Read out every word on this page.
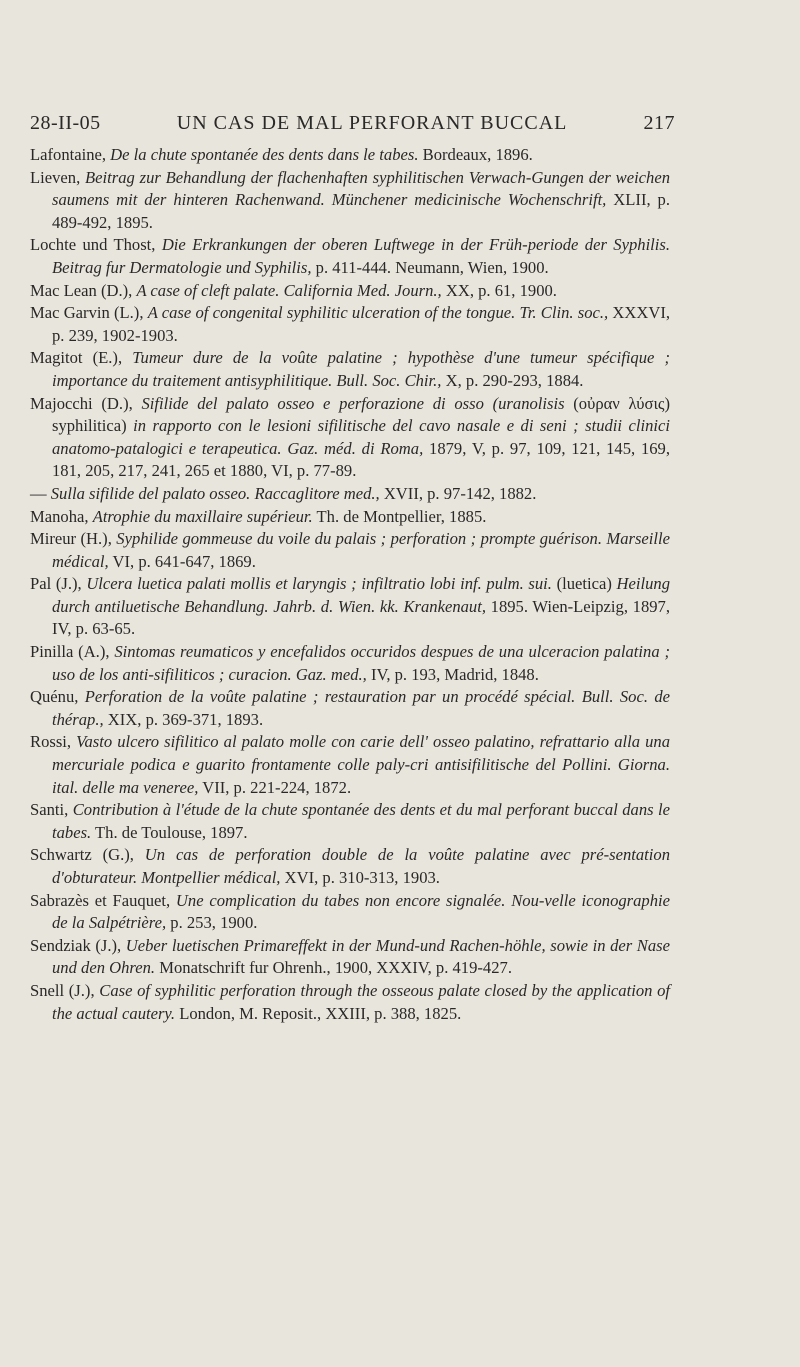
28-II-05	UN CAS DE MAL PERFORANT BUCCAL	217

Lafontaine, De la chute spontanée des dents dans le tabes. Bordeaux, 1896.

Lieven, Beitrag zur Behandlung der flachenhaften syphilitischen Verwach-Gungen der weichen saumens mit der hinteren Rachenwand. Münchener medicinische Wochenschrift, XLII, p. 489-492, 1895.

Lochte und Thost, Die Erkrankungen der oberen Luftwege in der Früh-periode der Syphilis. Beitrag fur Dermatologie und Syphilis, p. 411-444. Neumann, Wien, 1900.

Mac Lean (D.), A case of cleft palate. California Med. Journ., XX, p. 61, 1900.

Mac Garvin (L.), A case of congenital syphilitic ulceration of the tongue. Tr. Clin. soc., XXXVI, p. 239, 1902-1903.

Magitot (E.), Tumeur dure de la voûte palatine ; hypothèse d'une tumeur spécifique ; importance du traitement antisyphilitique. Bull. Soc. Chir., X, p. 290-293, 1884.

Majocchi (D.), Sifilide del palato osseo e perforazione di osso (uranolisis (οὐραν λύσις) syphilitica) in rapporto con le lesioni sifilitische del cavo nasale e di seni ; studii clinici anatomo-patalogici e terapeutica. Gaz. méd. di Roma, 1879, V, p. 97, 109, 121, 145, 169, 181, 205, 217, 241, 265 et 1880, VI, p. 77-89.

— Sulla sifilide del palato osseo. Raccaglitore med., XVII, p. 97-142, 1882.

Manoha, Atrophie du maxillaire supérieur. Th. de Montpellier, 1885.

Mireur (H.), Syphilide gommeuse du voile du palais ; perforation ; prompte guérison. Marseille médical, VI, p. 641-647, 1869.

Pal (J.), Ulcera luetica palati mollis et laryngis ; infiltratio lobi inf. pulm. sui. (luetica) Heilung durch antiluetische Behandlung. Jahrb. d. Wien. kk. Krankenaut, 1895. Wien-Leipzig, 1897, IV, p. 63-65.

Pinilla (A.), Sintomas reumaticos y encefalidos occuridos despues de una ulceracion palatina ; uso de los anti-sifiliticos ; curacion. Gaz. med., IV, p. 193, Madrid, 1848.

Quénu, Perforation de la voûte palatine ; restauration par un procédé spécial. Bull. Soc. de thérap., XIX, p. 369-371, 1893.

Rossi, Vasto ulcero sifilitico al palato molle con carie dell' osseo palatino, refrattario alla una mercuriale podica e guarito frontamente colle paly-cri antisifilitische del Pollini. Giorna. ital. delle ma veneree, VII, p. 221-224, 1872.

Santi, Contribution à l'étude de la chute spontanée des dents et du mal perforant buccal dans le tabes. Th. de Toulouse, 1897.

Schwartz (G.), Un cas de perforation double de la voûte palatine avec pré-sentation d'obturateur. Montpellier médical, XVI, p. 310-313, 1903.

Sabrazès et Fauquet, Une complication du tabes non encore signalée. Nou-velle iconographie de la Salpétrière, p. 253, 1900.

Sendziak (J.), Ueber luetischen Primareffekt in der Mund-und Rachen-höhle, sowie in der Nase und den Ohren. Monatschrift fur Ohrenh., 1900, XXXIV, p. 419-427.

Snell (J.), Case of syphilitic perforation through the osseous palate closed by the application of the actual cautery. London, M. Reposit., XXIII, p. 388, 1825.
